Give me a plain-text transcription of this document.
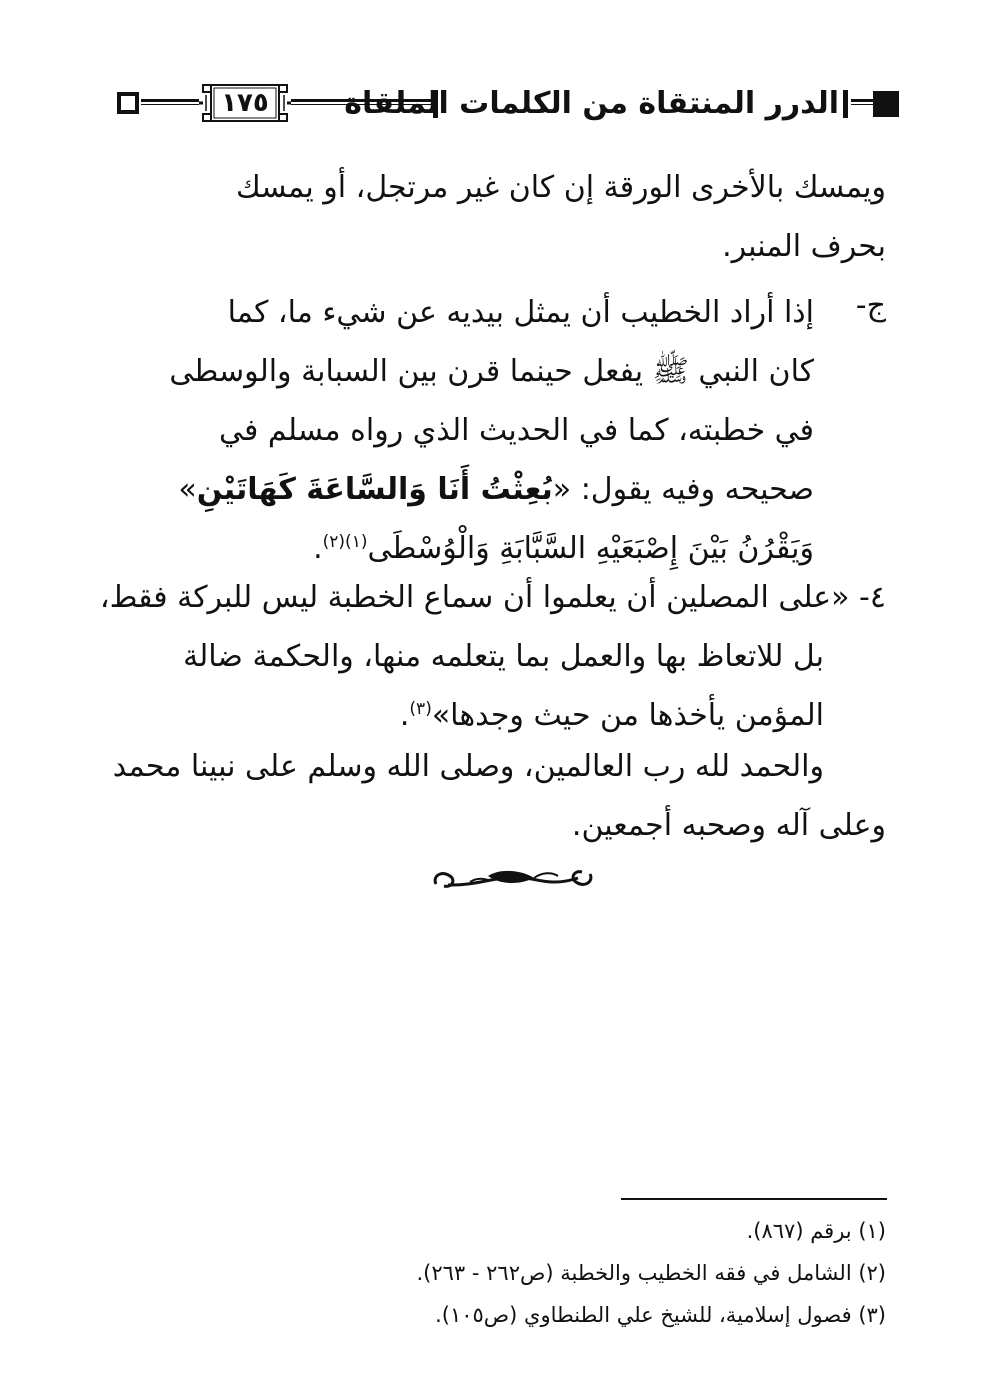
١٧٥	الدرر المنتقاة من الكلمات الملقاة

ويمسك بالأخرى الورقة إن كان غير مرتجل، أو يمسك

بحرف المنبر.

ج-

إذا أراد الخطيب أن يمثل بيديه عن شيء ما، كما

كان النبي ﷺ يفعل حينما قرن بين السبابة والوسطى

في خطبته، كما في الحديث الذي رواه مسلم في

صحيحه وفيه يقول: «بُعِثْتُ أَنَا وَالسَّاعَةَ كَهَاتَيْنِ»

وَيَقْرُنُ بَيْنَ إِصْبَعَيْهِ السَّبَّابَةِ وَالْوُسْطَى$^{(١)(٢)}$.

٤- «على المصلين أن يعلموا أن سماع الخطبة ليس للبركة فقط،

بل للاتعاظ بها والعمل بما يتعلمه منها، والحكمة ضالة

المؤمن يأخذها من حيث وجدها»$^{(٣)}$.

والحمد لله رب العالمين، وصلى الله وسلم على نبينا محمد

وعلى آله وصحبه أجمعين.

(١) برقم (٨٦٧).
(٢) الشامل في فقه الخطيب والخطبة (ص٢٦٢ - ٢٦٣).
(٣) فصول إسلامية، للشيخ علي الطنطاوي (ص١٠٥).
